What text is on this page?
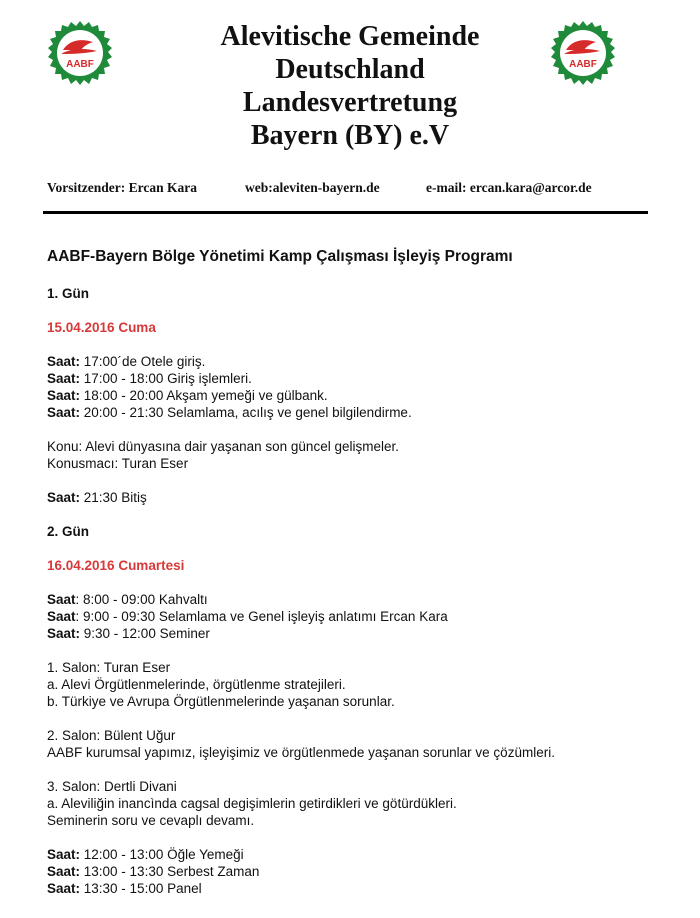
AABF	AABF
Alevitische Gemeinde
Deutschland
Landesvertretung
Bayern (BY) e.V
Vorsitzender: Ercan Kara	web:aleviten-bayern.de	e-mail: ercan.kara@arcor.de
AABF-Bayern Bölge Yönetimi Kamp Çalışması İşleyiş Programı
1. Gün
15.04.2016 Cuma
Saat: 17:00´de Otele giriş.
Saat: 17:00 - 18:00 Giriş işlemleri.
Saat: 18:00 - 20:00 Akşam yemeği ve gülbank.
Saat: 20:00 - 21:30 Selamlama, acılış ve genel bilgilendirme.
Konu: Alevi dünyasına dair yaşanan son güncel gelişmeler.
Konusmacı: Turan Eser
Saat: 21:30 Bitiş
2. Gün
16.04.2016 Cumartesi
Saat: 8:00 - 09:00 Kahvaltı
Saat: 9:00 - 09:30 Selamlama ve Genel işleyiş anlatımı Ercan Kara
Saat: 9:30 - 12:00 Seminer
1. Salon: Turan Eser
a. Alevi Örgütlenmelerinde, örgütlenme stratejileri.
b. Türkiye ve Avrupa Örgütlenmelerinde yaşanan sorunlar.
2. Salon: Bülent Uğur
AABF kurumsal yapımız, işleyişimiz ve örgütlenmede yaşanan sorunlar ve çözümleri.
3. Salon: Dertli Divani
a. Aleviliğin inancìnda cagsal degişimlerin getirdikleri ve götürdükleri.
Seminerin soru ve cevaplı devamı.
Saat: 12:00 - 13:00 Öğle Yemeği
Saat: 13:00 - 13:30 Serbest Zaman
Saat: 13:30 - 15:00 Panel
